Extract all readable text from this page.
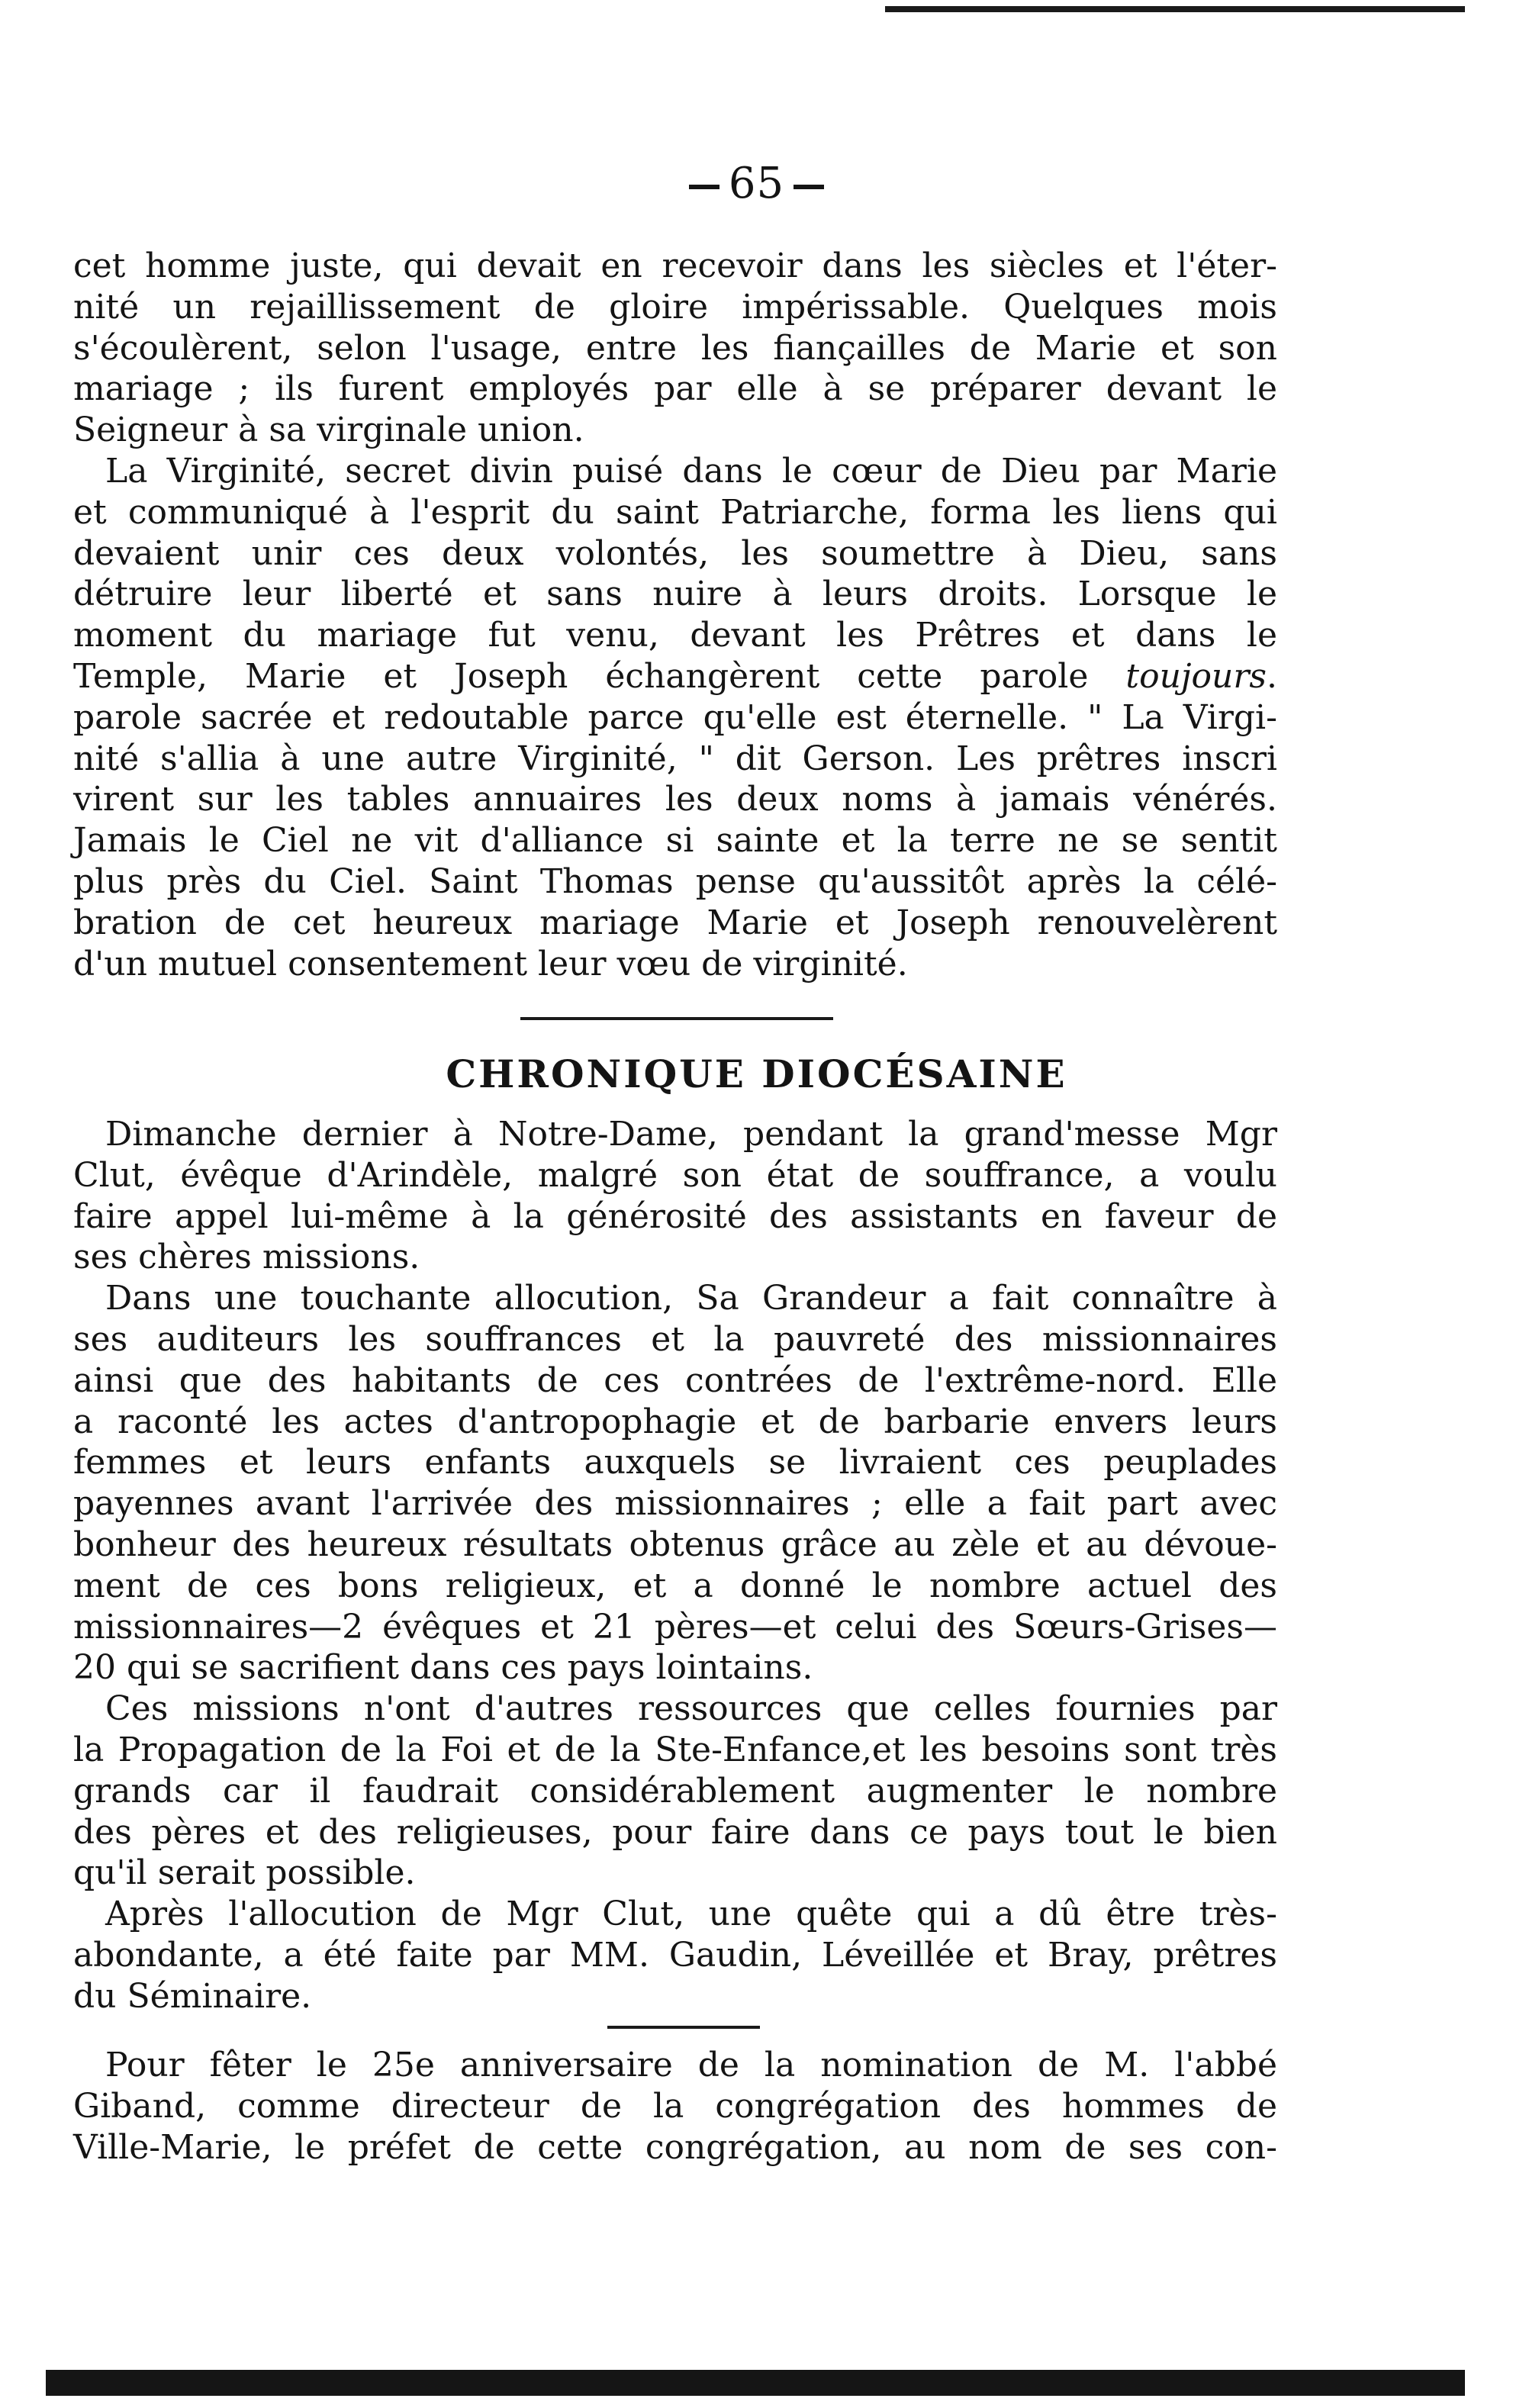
65
cet homme juste, qui devait en recevoir dans les siècles et l'éter-
nité un rejaillissement de gloire impérissable. Quelques mois
s'écoulèrent, selon l'usage, entre les fiançailles de Marie et son
mariage ; ils furent employés par elle à se préparer devant le
Seigneur à sa virginale union.
La Virginité, secret divin puisé dans le cœur de Dieu par Marie
et communiqué à l'esprit du saint Patriarche, forma les liens qui
devaient unir ces deux volontés, les soumettre à Dieu, sans
détruire leur liberté et sans nuire à leurs droits. Lorsque le
moment du mariage fut venu, devant les Prêtres et dans le
Temple, Marie et Joseph échangèrent cette parole toujours.
parole sacrée et redoutable parce qu'elle est éternelle. " La Virgi-
nité s'allia à une autre Virginité, " dit Gerson. Les prêtres inscri
virent sur les tables annuaires les deux noms à jamais vénérés.
Jamais le Ciel ne vit d'alliance si sainte et la terre ne se sentit
plus près du Ciel. Saint Thomas pense qu'aussitôt après la célé-
bration de cet heureux mariage Marie et Joseph renouvelèrent
d'un mutuel consentement leur vœu de virginité.
CHRONIQUE DIOCÉSAINE
Dimanche dernier à Notre-Dame, pendant la grand'messe Mgr
Clut, évêque d'Arindèle, malgré son état de souffrance, a voulu
faire appel lui-même à la générosité des assistants en faveur de
ses chères missions.
Dans une touchante allocution, Sa Grandeur a fait connaître à
ses auditeurs les souffrances et la pauvreté des missionnaires
ainsi que des habitants de ces contrées de l'extrême-nord. Elle
a raconté les actes d'antropophagie et de barbarie envers leurs
femmes et leurs enfants auxquels se livraient ces peuplades
payennes avant l'arrivée des missionnaires ; elle a fait part avec
bonheur des heureux résultats obtenus grâce au zèle et au dévoue-
ment de ces bons religieux, et a donné le nombre actuel des
missionnaires—2 évêques et 21 pères—et celui des Sœurs-Grises—
20 qui se sacrifient dans ces pays lointains.
Ces missions n'ont d'autres ressources que celles fournies par
la Propagation de la Foi et de la Ste-Enfance,et les besoins sont très
grands car il faudrait considérablement augmenter le nombre
des pères et des religieuses, pour faire dans ce pays tout le bien
qu'il serait possible.
Après l'allocution de Mgr Clut, une quête qui a dû être très-
abondante, a été faite par MM. Gaudin, Léveillée et Bray, prêtres
du Séminaire.
Pour fêter le 25e anniversaire de la nomination de M. l'abbé
Giband, comme directeur de la congrégation des hommes de
Ville-Marie, le préfet de cette congrégation, au nom de ses con-
